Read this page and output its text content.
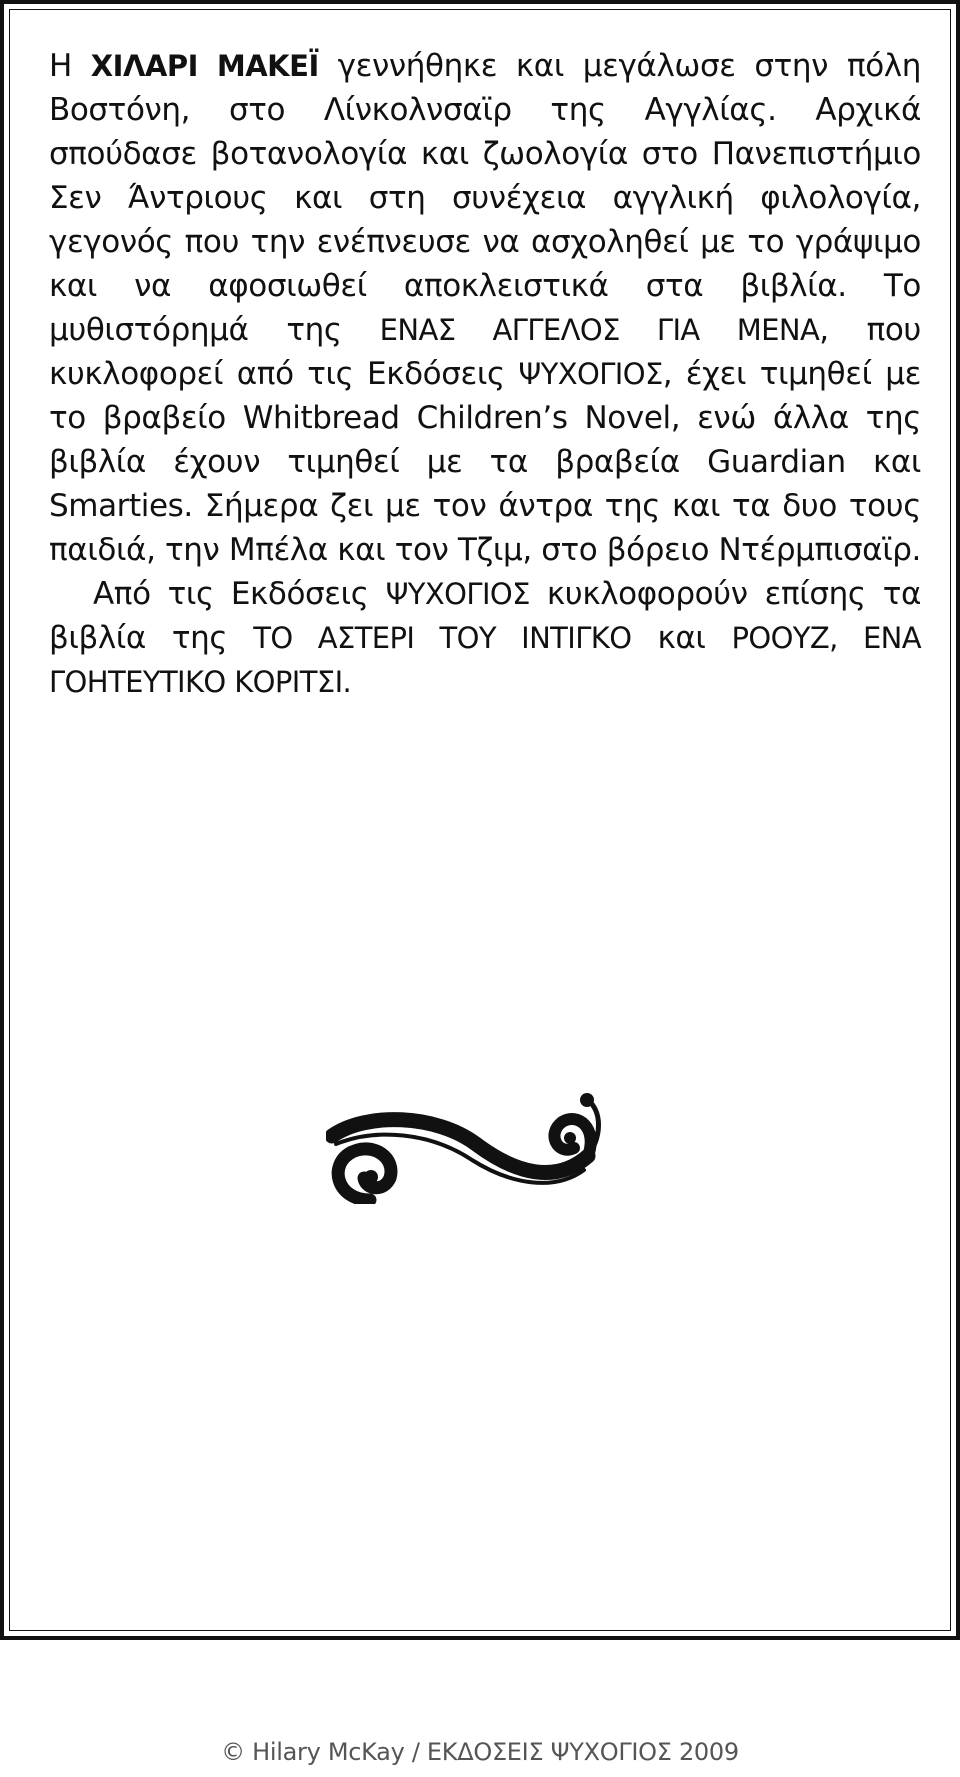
Η ΧΙΛΑΡΙ ΜΑΚΕΪ γεννήθηκε και μεγάλωσε στην πόλη Βοστόνη, στο Λίνκολνσαϊρ της Αγγλίας. Αρχικά σπούδασε βοτανολογία και ζωολογία στο Πανεπιστήμιο Σεν Άντριους και στη συνέχεια αγγλική φιλολογία, γεγονός που την ενέπνευσε να ασχοληθεί με το γράψιμο και να αφοσιωθεί αποκλειστικά στα βιβλία. Το μυθιστόρημά της ΕΝΑΣ ΑΓΓΕΛΟΣ ΓΙΑ ΜΕΝΑ, που κυκλοφορεί από τις Εκδόσεις ΨΥΧΟΓΙΟΣ, έχει τιμηθεί με το βραβείο Whitbread Children’s Novel, ενώ άλλα της βιβλία έχουν τιμηθεί με τα βραβεία Guardian και Smarties. Σήμερα ζει με τον άντρα της και τα δυο τους παιδιά, την Μπέλα και τον Τζιμ, στο βόρειο Ντέρμπισαϊρ.

Από τις Εκδόσεις ΨΥΧΟΓΙΟΣ κυκλοφορούν επίσης τα βιβλία της ΤΟ ΑΣΤΕΡΙ ΤΟΥ ΙΝΤΙΓΚΟ και ΡΟΟΥΖ, ΕΝΑ ΓΟΗΤΕΥΤΙΚΟ ΚΟΡΙΤΣΙ.

© Hilary McKay / ΕΚΔΟΣΕΙΣ ΨΥΧΟΓΙΟΣ 2009
